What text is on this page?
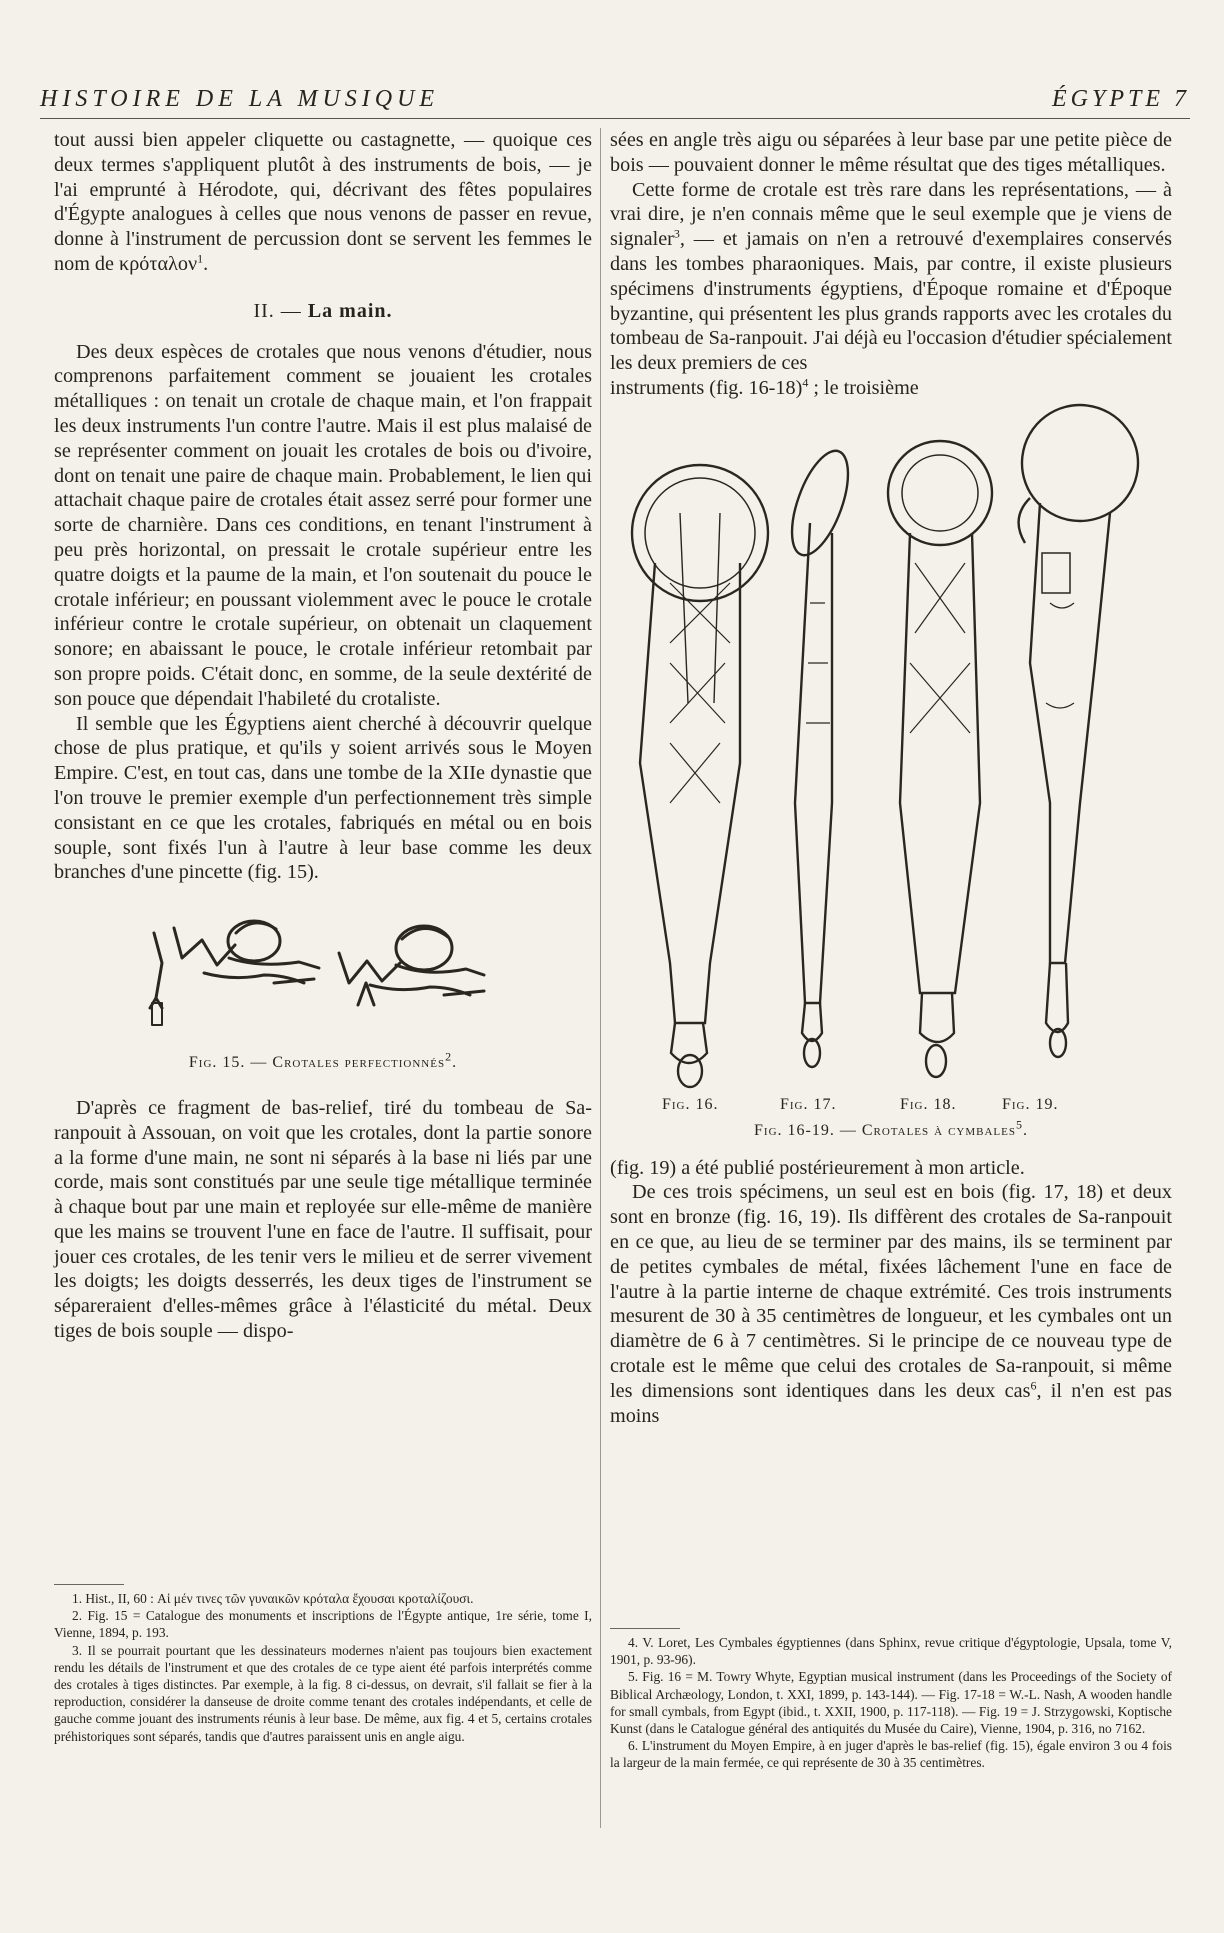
HISTOIRE DE LA MUSIQUE	ÉGYPTE 7

tout aussi bien appeler cliquette ou castagnette, — quoique ces deux termes s'appliquent plutôt à des instruments de bois, — je l'ai emprunté à Hérodote, qui, décrivant des fêtes populaires d'Égypte analogues à celles que nous venons de passer en revue, donne à l'instrument de percussion dont se servent les femmes le nom de κρόταλον$^1$.

II. — La main.

Des deux espèces de crotales que nous venons d'étudier, nous comprenons parfaitement comment se jouaient les crotales métalliques : on tenait un crotale de chaque main, et l'on frappait les deux instruments l'un contre l'autre. Mais il est plus malaisé de se représenter comment on jouait les crotales de bois ou d'ivoire, dont on tenait une paire de chaque main. Probablement, le lien qui attachait chaque paire de crotales était assez serré pour former une sorte de charnière. Dans ces conditions, en tenant l'instrument à peu près horizontal, on pressait le crotale supérieur entre les quatre doigts et la paume de la main, et l'on soutenait du pouce le crotale inférieur; en poussant violemment avec le pouce le crotale inférieur contre le crotale supérieur, on obtenait un claquement sonore; en abaissant le pouce, le crotale inférieur retombait par son propre poids. C'était donc, en somme, de la seule dextérité de son pouce que dépendait l'habileté du crotaliste.

Il semble que les Égyptiens aient cherché à découvrir quelque chose de plus pratique, et qu'ils y soient arrivés sous le Moyen Empire. C'est, en tout cas, dans une tombe de la XIIe dynastie que l'on trouve le premier exemple d'un perfectionnement très simple consistant en ce que les crotales, fabriqués en métal ou en bois souple, sont fixés l'un à l'autre à leur base comme les deux branches d'une pincette (fig. 15).

Fig. 15. — Crotales perfectionnés$^2$.

D'après ce fragment de bas-relief, tiré du tombeau de Sa-ranpouit à Assouan, on voit que les crotales, dont la partie sonore a la forme d'une main, ne sont ni séparés à la base ni liés par une corde, mais sont constitués par une seule tige métallique terminée à chaque bout par une main et reployée sur elle-même de manière que les mains se trouvent l'une en face de l'autre. Il suffisait, pour jouer ces crotales, de les tenir vers le milieu et de serrer vivement les doigts; les doigts desserrés, les deux tiges de l'instrument se sépareraient d'elles-mêmes grâce à l'élasticité du métal. Deux tiges de bois souple — dispo-

sées en angle très aigu ou séparées à leur base par une petite pièce de bois — pouvaient donner le même résultat que des tiges métalliques.

Cette forme de crotale est très rare dans les représentations, — à vrai dire, je n'en connais même que le seul exemple que je viens de signaler$^3$, — et jamais on n'en a retrouvé d'exemplaires conservés dans les tombes pharaoniques. Mais, par contre, il existe plusieurs spécimens d'instruments égyptiens, d'Époque romaine et d'Époque byzantine, qui présentent les plus grands rapports avec les crotales du tombeau de Sa-ranpouit. J'ai déjà eu l'occasion d'étudier spécialement les deux premiers de ces

instruments (fig. 16-18)$^4$ ; le troisième

Fig. 16.	Fig. 17.	Fig. 18.	Fig. 19.
Fig. 16-19. — Crotales à cymbales$^5$.

(fig. 19) a été publié postérieurement à mon article.

De ces trois spécimens, un seul est en bois (fig. 17, 18) et deux sont en bronze (fig. 16, 19). Ils diffèrent des crotales de Sa-ranpouit en ce que, au lieu de se terminer par des mains, ils se terminent par de petites cymbales de métal, fixées lâchement l'une en face de l'autre à la partie interne de chaque extrémité. Ces trois instruments mesurent de 30 à 35 centimètres de longueur, et les cymbales ont un diamètre de 6 à 7 centimètres. Si le principe de ce nouveau type de crotale est le même que celui des crotales de Sa-ranpouit, si même les dimensions sont identiques dans les deux cas$^6$, il n'en est pas moins

1. Hist., II, 60 : Αἱ μέν τινες τῶν γυναικῶν κρόταλα ἔχουσαι κροταλίζουσι.

2. Fig. 15 = Catalogue des monuments et inscriptions de l'Égypte antique, 1re série, tome I, Vienne, 1894, p. 193.

3. Il se pourrait pourtant que les dessinateurs modernes n'aient pas toujours bien exactement rendu les détails de l'instrument et que des crotales de ce type aient été parfois interprétés comme des crotales à tiges distinctes. Par exemple, à la fig. 8 ci-dessus, on devrait, s'il fallait se fier à la reproduction, considérer la danseuse de droite comme tenant des crotales indépendants, et celle de gauche comme jouant des instruments réunis à leur base. De même, aux fig. 4 et 5, certains crotales préhistoriques sont séparés, tandis que d'autres paraissent unis en angle aigu.

4. V. Loret, Les Cymbales égyptiennes (dans Sphinx, revue critique d'égyptologie, Upsala, tome V, 1901, p. 93-96).

5. Fig. 16 = M. Towry Whyte, Egyptian musical instrument (dans les Proceedings of the Society of Biblical Archæology, London, t. XXI, 1899, p. 143-144). — Fig. 17-18 = W.-L. Nash, A wooden handle for small cymbals, from Egypt (ibid., t. XXII, 1900, p. 117-118). — Fig. 19 = J. Strzygowski, Koptische Kunst (dans le Catalogue général des antiquités du Musée du Caire), Vienne, 1904, p. 316, no 7162.

6. L'instrument du Moyen Empire, à en juger d'après le bas-relief (fig. 15), égale environ 3 ou 4 fois la largeur de la main fermée, ce qui représente de 30 à 35 centimètres.
